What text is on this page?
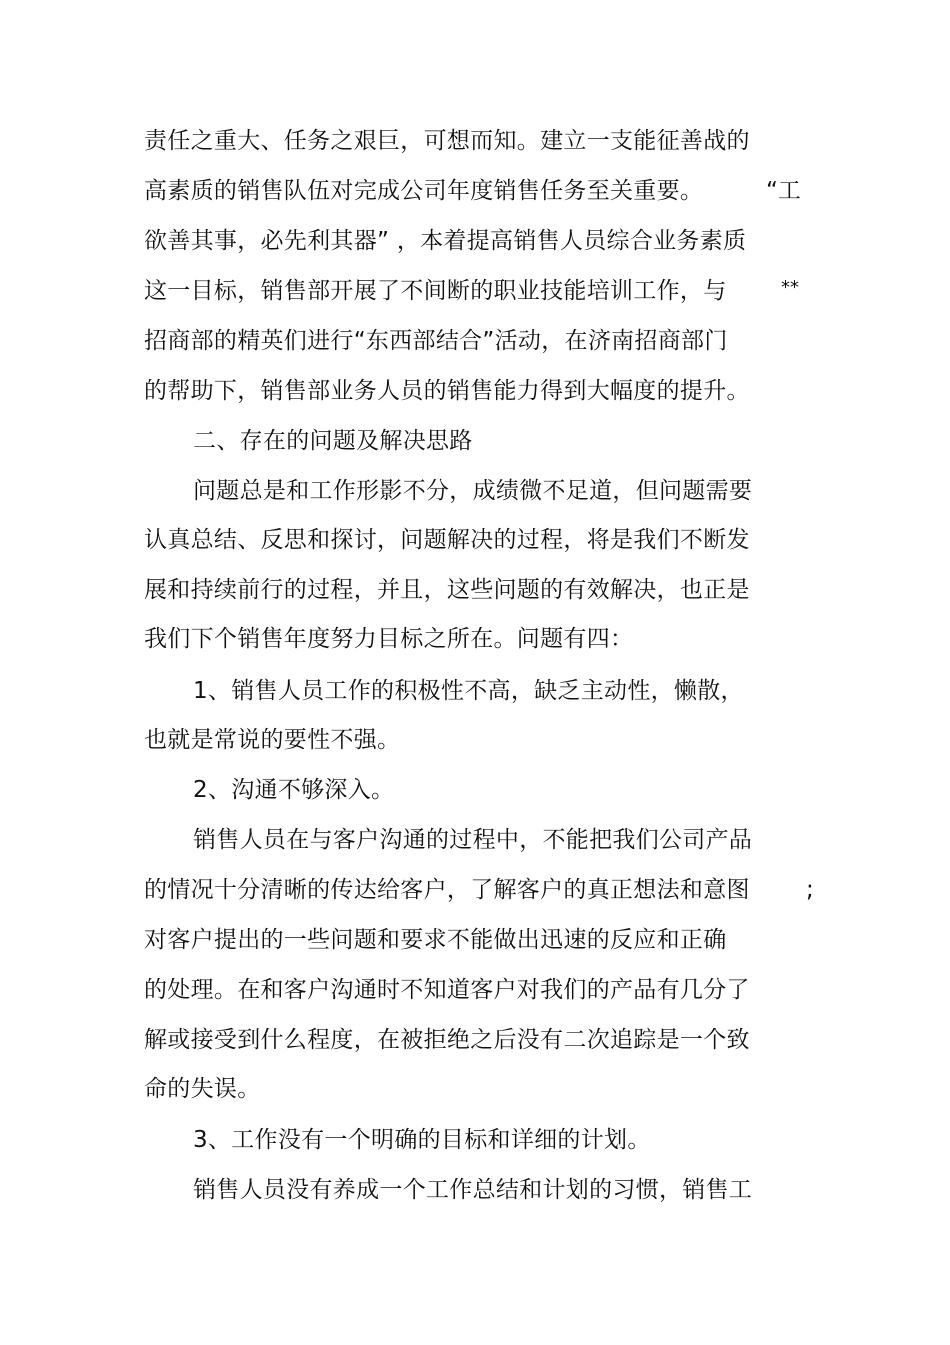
责任之重大、任务之艰巨，可想而知。建立一支能征善战的
高素质的销售队伍对完成公司年度销售任务至关重要。	“工
欲善其事，必先利其器” ，本着提高销售人员综合业务素质
这一目标，销售部开展了不间断的职业技能培训工作，与	**
招商部的精英们进行“东西部结合”活动，在济南招商部门
的帮助下，销售部业务人员的销售能力得到大幅度的提升。
二、存在的问题及解决思路
问题总是和工作形影不分，成绩微不足道，但问题需要
认真总结、反思和探讨，问题解决的过程，将是我们不断发
展和持续前行的过程，并且，这些问题的有效解决，也正是
我们下个销售年度努力目标之所在。问题有四：
1、销售人员工作的积极性不高，缺乏主动性，懒散，
也就是常说的要性不强。
2、沟通不够深入。
销售人员在与客户沟通的过程中，不能把我们公司产品
的情况十分清晰的传达给客户，了解客户的真正想法和意图 ;
对客户提出的一些问题和要求不能做出迅速的反应和正确
的处理。在和客户沟通时不知道客户对我们的产品有几分了
解或接受到什么程度，在被拒绝之后没有二次追踪是一个致
命的失误。
3、工作没有一个明确的目标和详细的计划。
销售人员没有养成一个工作总结和计划的习惯，销售工
